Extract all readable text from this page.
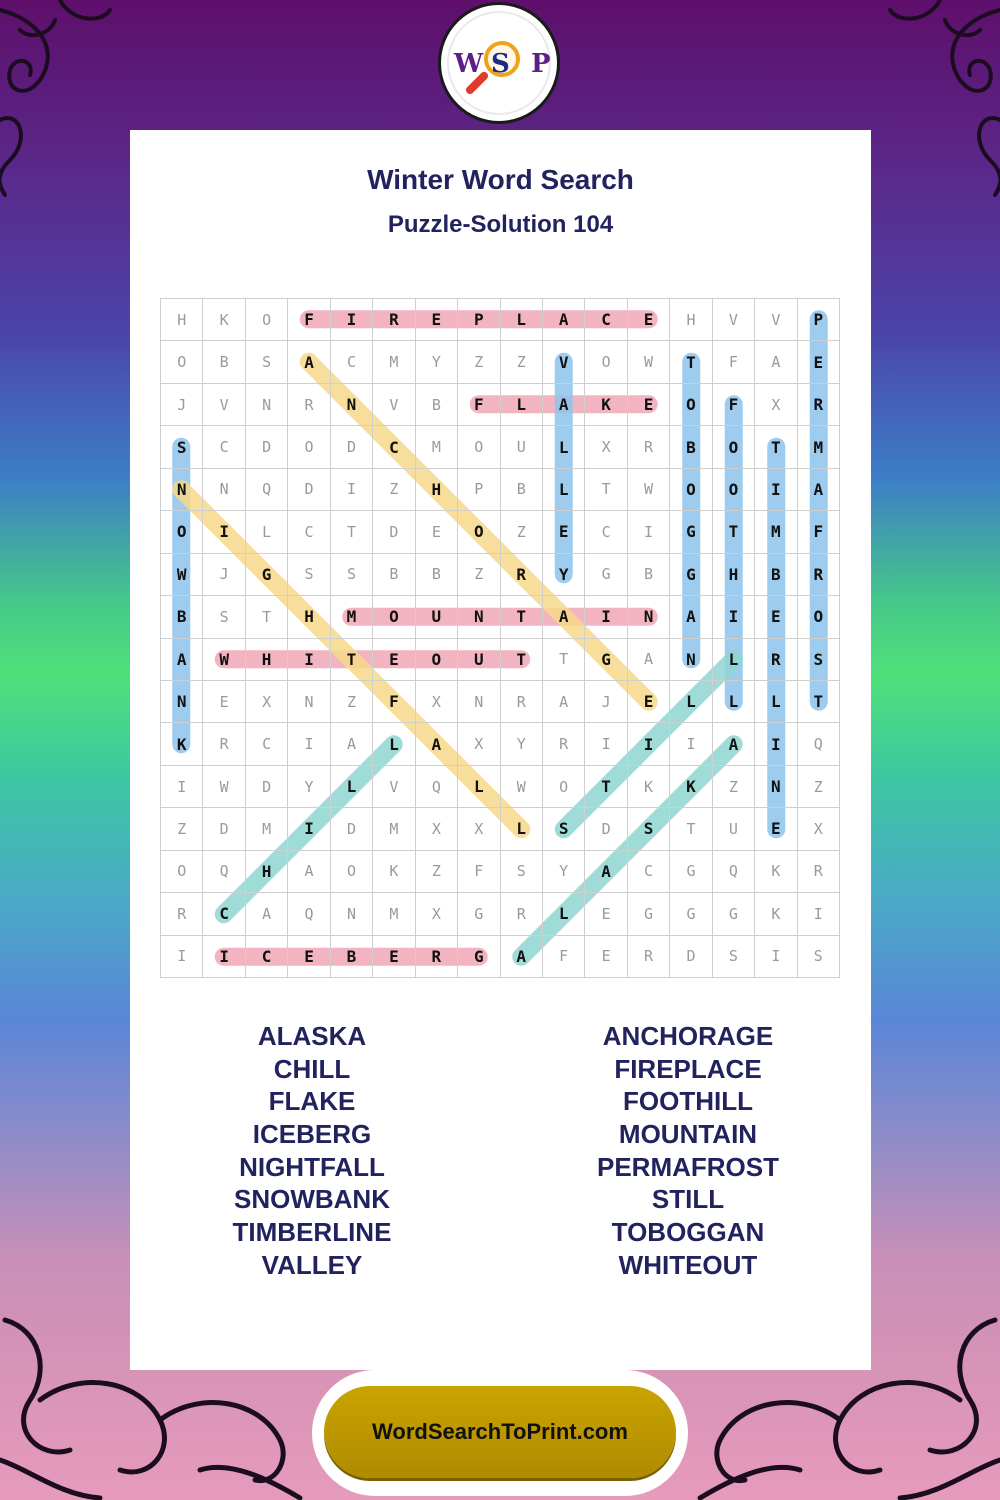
W S P
Winter Word Search
Puzzle-Solution 104
H	K	O	F	I	R	E	P	L	A	C	E	H	V	V	P
O	B	S	A	C	M	Y	Z	Z	V	O	W	T	F	A	E
J	V	N	R	N	V	B	F	L	A	K	E	O	F	X	R
S	C	D	O	D	C	M	O	U	L	X	R	B	O	T	M
N	N	Q	D	I	Z	H	P	B	L	T	W	O	O	I	A
O	I	L	C	T	D	E	O	Z	E	C	I	G	T	M	F
W	J	G	S	S	B	B	Z	R	Y	G	B	G	H	B	R
B	S	T	H	M	O	U	N	T	A	I	N	A	I	E	O
A	W	H	I	T	E	O	U	T	T	G	A	N	L	R	S
N	E	X	N	Z	F	X	N	R	A	J	E	L	L	L	T
K	R	C	I	A	L	A	X	Y	R	I	I	I	A	I	Q
I	W	D	Y	L	V	Q	L	W	O	T	K	K	Z	N	Z
Z	D	M	I	D	M	X	X	L	S	D	S	T	U	E	X
O	Q	H	A	O	K	Z	F	S	Y	A	C	G	Q	K	R
R	C	A	Q	N	M	X	G	R	L	E	G	G	G	K	I
I	I	C	E	B	E	R	G	A	F	E	R	D	S	I	S
ALASKA
CHILL
FLAKE
ICEBERG
NIGHTFALL
SNOWBANK
TIMBERLINE
VALLEY
ANCHORAGE
FIREPLACE
FOOTHILL
MOUNTAIN
PERMAFROST
STILL
TOBOGGAN
WHITEOUT
WordSearchToPrint.com
